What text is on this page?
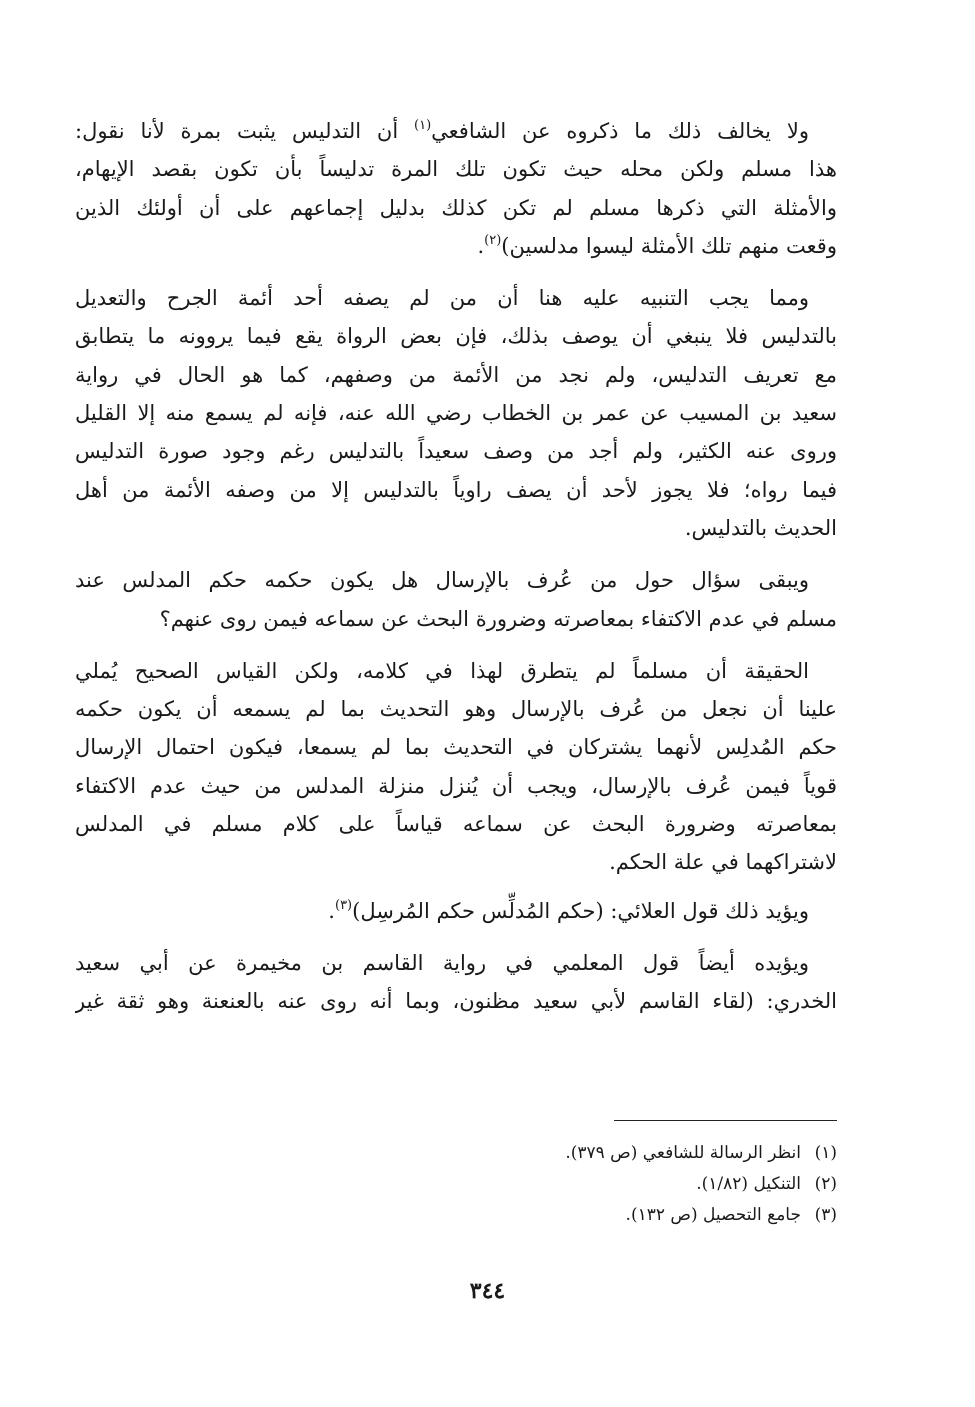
ولا يخالف ذلك ما ذكروه عن الشافعي$^{(١)}$ أن التدليس يثبت بمرة لأنا نقول:
هذا مسلم ولكن محله حيث تكون تلك المرة تدليساً بأن تكون بقصد الإيهام،
والأمثلة التي ذكرها مسلم لم تكن كذلك بدليل إجماعهم على أن أولئك الذين
وقعت منهم تلك الأمثلة ليسوا مدلسين)$^{(٢)}$.

ومما يجب التنبيه عليه هنا أن من لم يصفه أحد أئمة الجرح والتعديل
بالتدليس فلا ينبغي أن يوصف بذلك، فإن بعض الرواة يقع فيما يروونه ما يتطابق
مع تعريف التدليس، ولم نجد من الأئمة من وصفهم، كما هو الحال في رواية
سعيد بن المسيب عن عمر بن الخطاب رضي الله عنه، فإنه لم يسمع منه إلا القليل
وروى عنه الكثير، ولم أجد من وصف سعيداً بالتدليس رغم وجود صورة التدليس
فيما رواه؛ فلا يجوز لأحد أن يصف راوياً بالتدليس إلا من وصفه الأئمة من أهل
الحديث بالتدليس.

ويبقى سؤال حول من عُرف بالإرسال هل يكون حكمه حكم المدلس عند
مسلم في عدم الاكتفاء بمعاصرته وضرورة البحث عن سماعه فيمن روى عنهم؟

الحقيقة أن مسلماً لم يتطرق لهذا في كلامه، ولكن القياس الصحيح يُملي
علينا أن نجعل من عُرف بالإرسال وهو التحديث بما لم يسمعه أن يكون حكمه
حكم المُدلِس لأنهما يشتركان في التحديث بما لم يسمعا، فيكون احتمال الإرسال
قوياً فيمن عُرف بالإرسال، ويجب أن يُنزل منزلة المدلس من حيث عدم الاكتفاء
بمعاصرته وضرورة البحث عن سماعه قياساً على كلام مسلم في المدلس
لاشتراكهما في علة الحكم.

ويؤيد ذلك قول العلائي: (حكم المُدلِّس حكم المُرسِل)$^{(٣)}$.

ويؤيده أيضاً قول المعلمي في رواية القاسم بن مخيمرة عن أبي سعيد
الخدري: (لقاء القاسم لأبي سعيد مظنون، وبما أنه روى عنه بالعنعنة وهو ثقة غير

(١)انظر الرسالة للشافعي (ص ٣٧٩).
(٢)التنكيل (١/٨٢).
(٣)جامع التحصيل (ص ١٣٢).
٣٤٤
